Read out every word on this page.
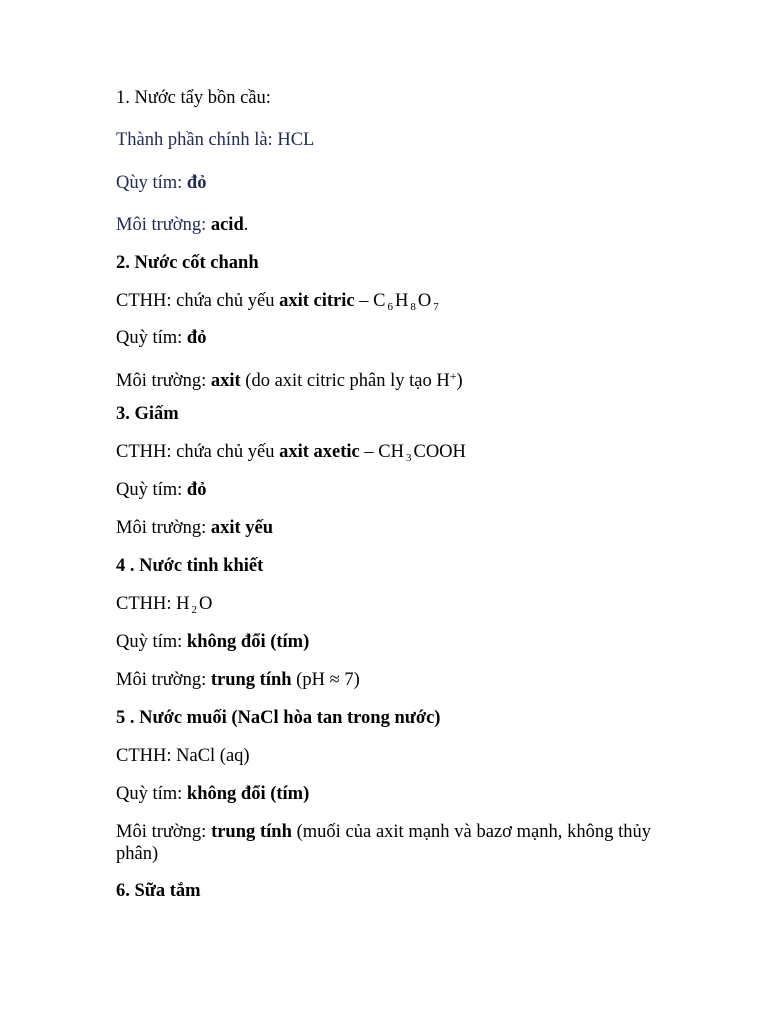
1. Nước tẩy bồn cầu:
Thành phần chính là: HCL
Qùy tím: đỏ
Môi trường: acid.
2. Nước cốt chanh
CTHH: chứa chủ yếu axit citric – C $_6$ H $_8$ O $_7$
Quỳ tím: đỏ
Môi trường: axit (do axit citric phân ly tạo H+)
3. Giấm
CTHH: chứa chủ yếu axit axetic – CH $_3$ COOH
Quỳ tím: đỏ
Môi trường: axit yếu
4 . Nước tinh khiết
CTHH: H $_2$ O
Quỳ tím: không đổi (tím)
Môi trường: trung tính (pH ≈ 7)
5 . Nước muối (NaCl hòa tan trong nước)
CTHH: NaCl (aq)
Quỳ tím: không đổi (tím)
Môi trường: trung tính (muối của axit mạnh và bazơ mạnh, không thủy phân)
6. Sữa tắm
